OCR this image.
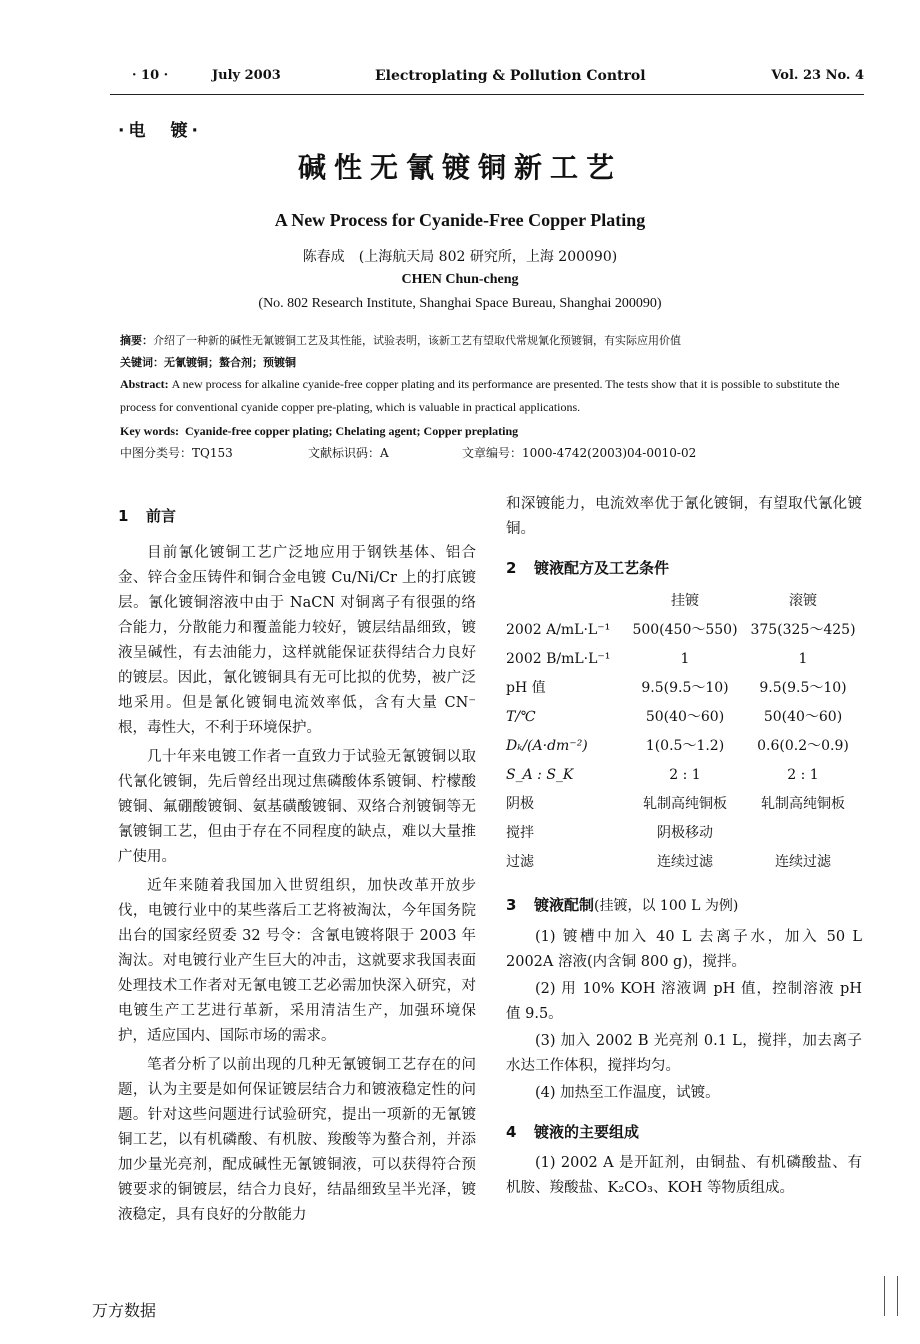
· 10 ·	July 2003	Electroplating & Pollution Control	Vol. 23 No. 4
·电　镀·
碱性无氰镀铜新工艺
A New Process for Cyanide-Free Copper Plating
陈春成　(上海航天局 802 研究所，上海 200090)
CHEN Chun-cheng
(No. 802 Research Institute, Shanghai Space Bureau, Shanghai 200090)
摘要：介绍了一种新的碱性无氰镀铜工艺及其性能，试验表明，该新工艺有望取代常规氰化预镀铜，有实际应用价值
关键词：无氰镀铜；螯合剂；预镀铜
Abstract: A new process for alkaline cyanide-free copper plating and its performance are presented. The tests show that it is possible to substitute the process for conventional cyanide copper pre-plating, which is valuable in practical applications.
Key words: Cyanide-free copper plating; Chelating agent; Copper preplating
中图分类号：TQ153	文献标识码：A	文章编号：1000-4742(2003)04-0010-02
1 前言

目前氰化镀铜工艺广泛地应用于钢铁基体、铝合金、锌合金压铸件和铜合金电镀 Cu/Ni/Cr 上的打底镀层。氰化镀铜溶液中由于 NaCN 对铜离子有很强的络合能力，分散能力和覆盖能力较好，镀层结晶细致，镀液呈碱性，有去油能力，这样就能保证获得结合力良好的镀层。因此，氰化镀铜具有无可比拟的优势，被广泛地采用。但是氰化镀铜电流效率低，含有大量 CN⁻ 根，毒性大，不利于环境保护。

几十年来电镀工作者一直致力于试验无氰镀铜以取代氰化镀铜，先后曾经出现过焦磷酸体系镀铜、柠檬酸镀铜、氟硼酸镀铜、氨基磺酸镀铜、双络合剂镀铜等无氰镀铜工艺，但由于存在不同程度的缺点，难以大量推广使用。

近年来随着我国加入世贸组织，加快改革开放步伐，电镀行业中的某些落后工艺将被淘汰，今年国务院出台的国家经贸委 32 号令：含氰电镀将限于 2003 年淘汰。对电镀行业产生巨大的冲击，这就要求我国表面处理技术工作者对无氰电镀工艺必需加快深入研究，对电镀生产工艺进行革新，采用清洁生产，加强环境保护，适应国内、国际市场的需求。

笔者分析了以前出现的几种无氰镀铜工艺存在的问题，认为主要是如何保证镀层结合力和镀液稳定性的问题。针对这些问题进行试验研究，提出一项新的无氰镀铜工艺，以有机磷酸、有机胺、羧酸等为螯合剂，并添加少量光亮剂，配成碱性无氰镀铜液，可以获得符合预镀要求的铜镀层，结合力良好，结晶细致呈半光泽，镀液稳定，具有良好的分散能力

和深镀能力，电流效率优于氰化镀铜，有望取代氰化镀铜。

2 镀液配方及工艺条件
	挂镀	滚镀
2002 A/mL·L⁻¹	500(450～550)	375(325～425)
2002 B/mL·L⁻¹	1	1
pH 值	9.5(9.5～10)	9.5(9.5～10)
T/℃	50(40～60)	50(40～60)
Dₖ/(A·dm⁻²)	1(0.5～1.2)	0.6(0.2～0.9)
S_A : S_K	2 : 1	2 : 1
阴极	轧制高纯铜板	轧制高纯铜板
搅拌	阴极移动	
过滤	连续过滤	连续过滤
3 镀液配制(挂镀，以 100 L 为例)

(1) 镀槽中加入 40 L 去离子水，加入 50 L 2002A 溶液(内含铜 800 g)，搅拌。

(2) 用 10% KOH 溶液调 pH 值，控制溶液 pH 值 9.5。

(3) 加入 2002 B 光亮剂 0.1 L，搅拌，加去离子水达工作体积，搅拌均匀。

(4) 加热至工作温度，试镀。

4 镀液的主要组成

(1) 2002 A 是开缸剂，由铜盐、有机磷酸盐、有机胺、羧酸盐、K₂CO₃、KOH 等物质组成。

万方数据
